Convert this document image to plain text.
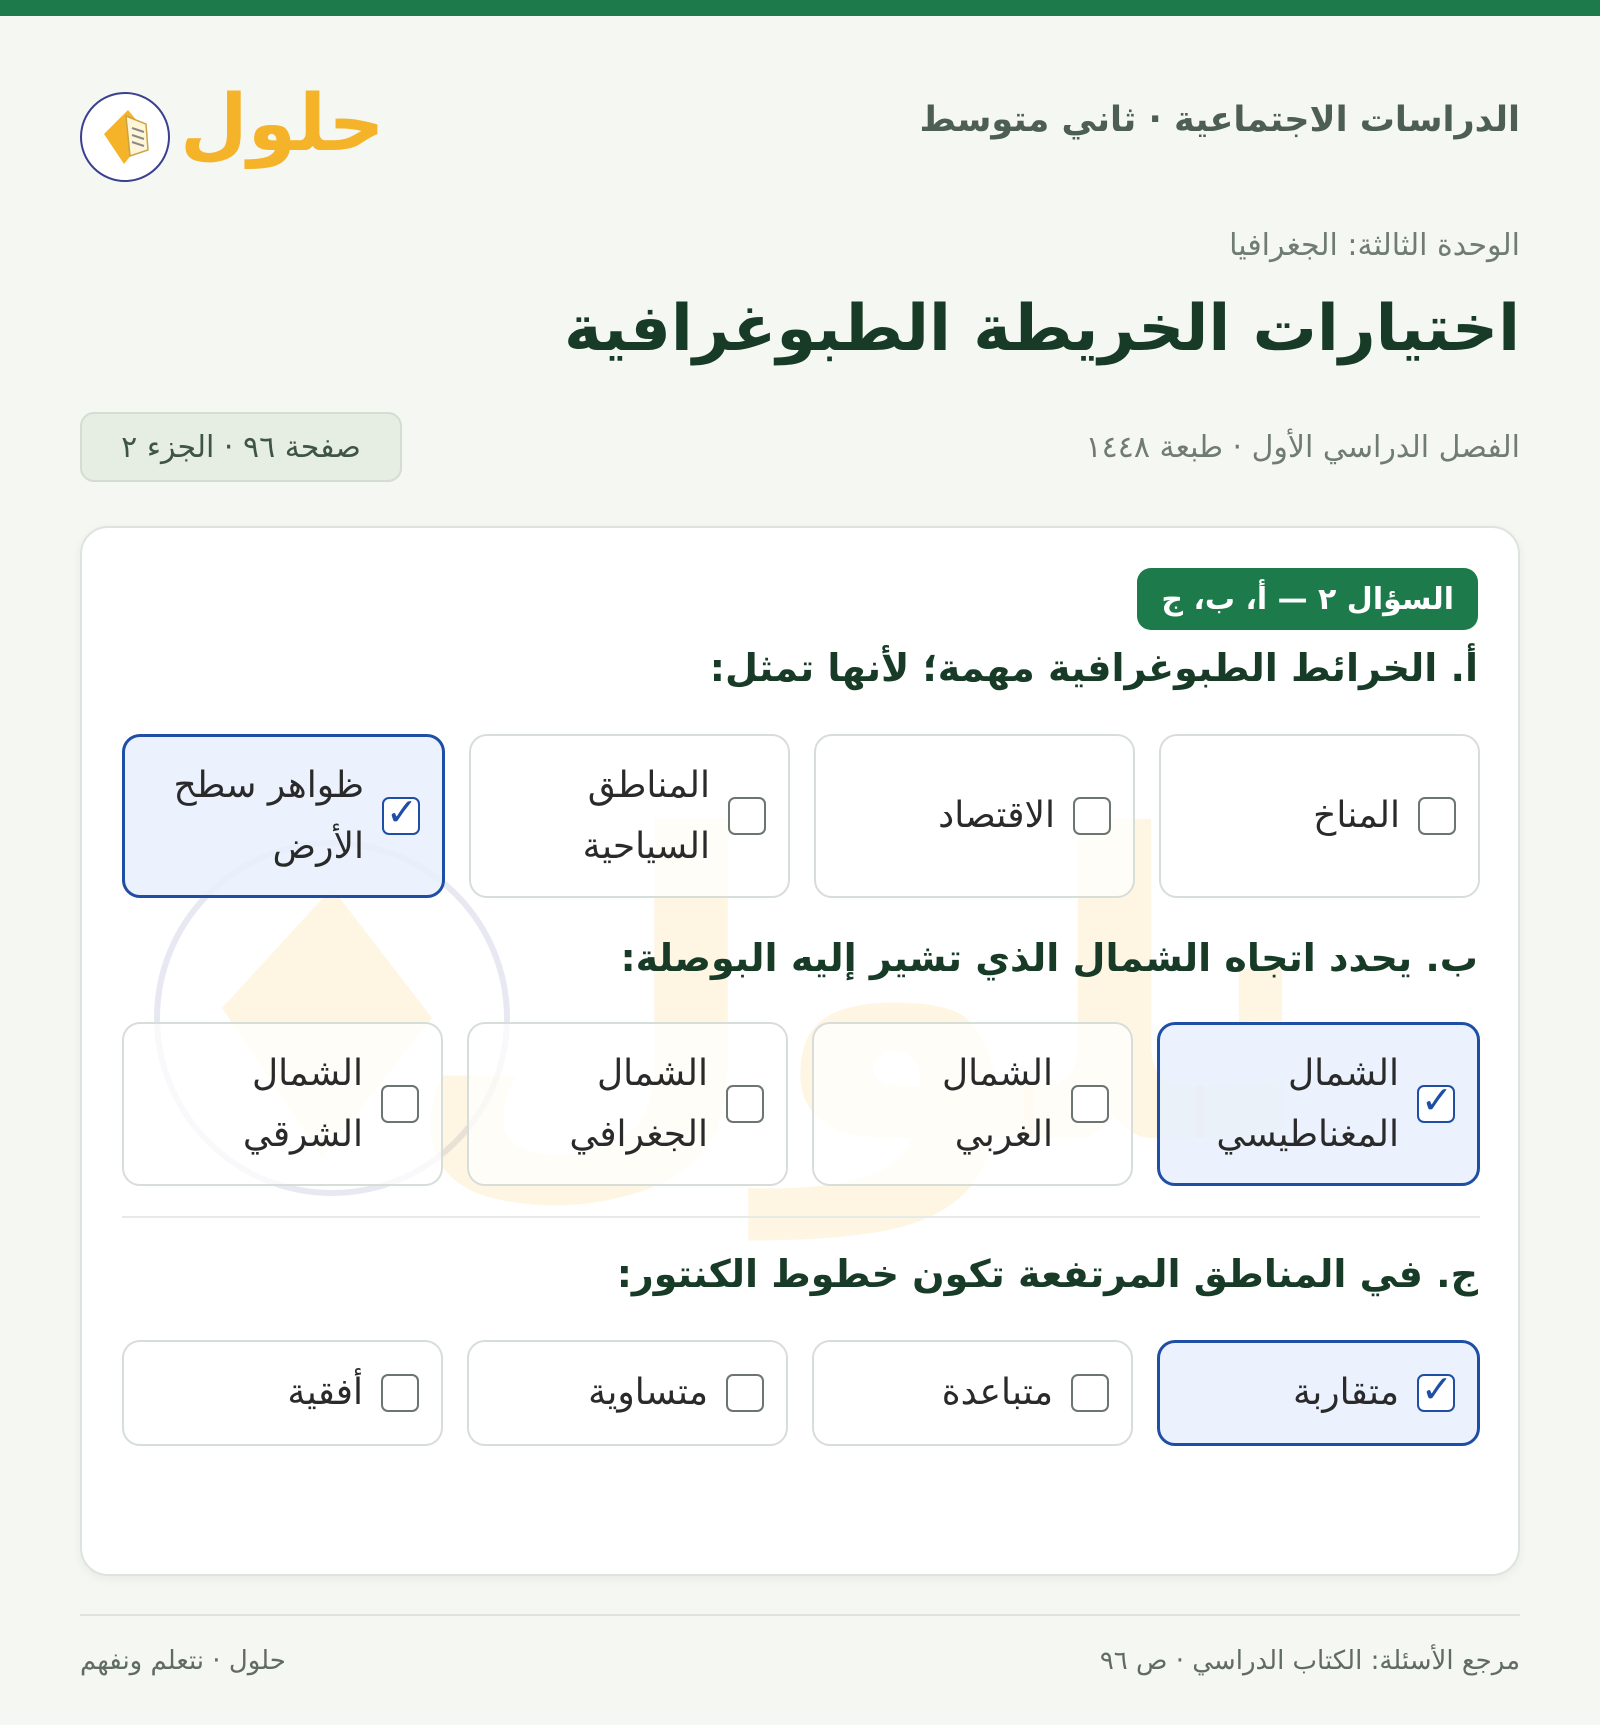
الدراسات الاجتماعية · ثاني متوسط
حلول
الوحدة الثالثة: الجغرافيا
اختيارات الخريطة الطبوغرافية
الفصل الدراسي الأول · طبعة ١٤٤٨
صفحة ٩٦ · الجزء ٢
لول
السؤال ٢ — أ، ب، ج
أ. الخرائط الطبوغرافية مهمة؛ لأنها تمثل:
المناخ
الاقتصاد
المناطق السياحية
✓
ظواهر سطح الأرض
ب. يحدد اتجاه الشمال الذي تشير إليه البوصلة:
✓
الشمال المغناطيسي
الشمال الغربي
الشمال الجغرافي
الشمال الشرقي
ج. في المناطق المرتفعة تكون خطوط الكنتور:
✓
متقاربة
متباعدة
متساوية
أفقية
مرجع الأسئلة: الكتاب الدراسي · ص ٩٦
حلول · نتعلم ونفهم
